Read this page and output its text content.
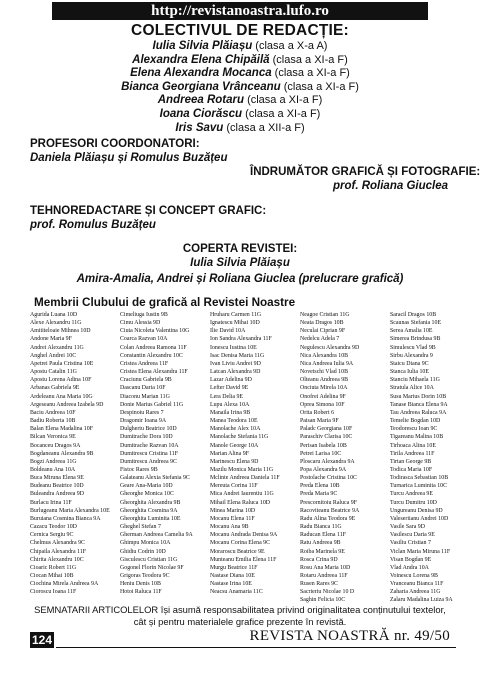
http://revistanoastra.lufo.ro
COLECTIVUL DE REDACȚIE:
Iulia Silvia Plăiașu (clasa a X-a A)
Alexandra Elena Chipăilă (clasa a XI-a F)
Elena Alexandra Mocanca (clasa a XI-a F)
Bianca Georgiana Vrânceanu (clasa a XI-a F)
Andreea Rotaru (clasa a XI-a F)
Ioana Ciorăscu (clasa a XI-a F)
Iris Savu (clasa a XII-a F)
PROFESORI COORDONATORI:
Daniela Plăiașu și Romulus Buzățeu
ÎNDRUMĂTOR GRAFICĂ ȘI FOTOGRAFIE:
prof. Roliana Giuclea
TEHNOREDACTARE ȘI CONCEPT GRAFIC:
prof. Romulus Buzățeu
COPERTA REVISTEI:
Iulia Silvia Plăiașu
Amira-Amalia, Andrei și Roliana Giuclea (prelucrare grafică)
Membrii Clubului de grafică al Revistei Noastre
Agurida Luana 10D
Alexe Alexandru 11G
Amititeloaie Mihnea 10D
Andone Maria 9F
Andrei Alexandru 11G
Anghel Andrei 10C
Apetrei Paula Cristina 10E
Apostu Catalin 11G
Apostu Lorena Adina 10F
Arbanas Gabriela 9E
Ardeleanu Ana Maria 10G
Argeseanu Andreea Izabela 9D
Baciu Andreea 10F
Badiu Roberta 10B
Balan Elena Madalina 10F
Bilcan Veronica 9E
Bocanceu Dragos 9A
Bogdaneanu Alexandra 9B
Bogzi Andreea 11G
Boldeanu Ana 10A
Buca Miruna Elena 9E
Budeanu Beatrice 10D
Buleandra Andreea 9D
Burlacu Irina 11F
Burlugeanu Maria Alexandra 10E
Buruiana Cosmina Bianca 9A
Cazacu Teodor 10D
Cernica Sergiu 9C
Chelmus Alexandra 9C
Chipaila Alexandra 11F
Chirita Alexandru 10C
Cioaric Robert 11G
Ciocan Mihai 10B
Ciochina Mirela Andreea 9A
Cioroscu Ioana 11F
Cimeliuga Iustin 9B
Cimu Alessia 9D
Ciuta Nicoleta Valentina 10G
Coarca Razvan 10A
Colan Andreea Ramona 11F
Constantin Alexandru 10C
Cristea Andreea 11F
Cristea Elena Alexandra 11F
Craciunu Gabriela 9B
Dascanu Daria 10F
Diaconu Marian 11G
Donie Marius Gabriel 11G
Despinoiu Rares 7
Dragomir Ioana 9A
Dulgheriu Beatrice 10D
Dumitrache Dora 10D
Dumitrache Razvan 10A
Dumitrescu Cristina 11F
Dumitrescu Andreea 9C
Fistoc Rares 9B
Galateanu Alexia Stefania 9C
Geare Ana-Maria 10D
Gheorghe Monica 10C
Gheorghita Alexandra 9B
Gheorghita Cosmina 9A
Gheorghita Luminita 10E
Gheghel Stefan 7
Gherman Andreea Camelia 9A
Ghimpu Monica 10A
Ghidiu Codrin 10D
Gisculescu Cristian 11G
Gogonel Florin Nicolae 9F
Grigoras Teodora 9C
Heniu Denis 10B
Hotoi Raluca 11F
Hruharu Carmen 11G
Ignatescu Mihai 10D
Ilie David 10A
Ion Sandra Alexandra 11F
Ionescu Iustina 10E
Isac Denisa Maria 11G
Ivan Liviu Andrei 9D
Latcan Alexandra 9D
Lazar Adelina 9D
Lefter David 9E
Lera Delia 9E
Lupu Alexa 10A
Manaila Irina 9B
Manea Teodora 10E
Manolache Alex 10A
Manolache Stefania 11G
Manole George 10A
Marian Alina 9F
Marinescu Elena 9D
Mazilu Monica Maria 11G
Mclinte Andreea Daniela 11F
Mereuta Corina 11F
Mica Andrei Iaurentiu 11G
Mihail Elena Raluca 10D
Minea Marina 10D
Mocanu Elena 11F
Mocanu Ana 9B
Mocanu Andrada Denisa 9A
Mocanu Corina Elena 9C
Moraroscu Beatrice 9E
Munteanu Emilia Elena 11F
Murgu Beatrice 11F
Nastase Diana 10E
Nastase Irina 10E
Neacsu Anamaria 11C
Neagoe Cristian 11G
Neata Dragos 10B
Neculai Ciprian 9F
Nedelcu Adela 7
Negulescu Alexandra 9D
Nica Alexandra 10B
Nica Andreea Iulia 9A
Novetschi Vlad 10B
Olteanu Andreea 9B
Onciuta Mirela 10A
Onofrei Adelina 9F
Oprea Simona 10F
Orita Robert 6
Paisan Maria 9F
Paladc Georgiana 10F
Paraschiv Clarisa 10C
Perisan Isabela 10B
Petrei Larisa 10C
Ploscaru Alexandra 9A
Popa Alexandra 9A
Postolache Cristina 10C
Preda Elena 10B
Preda Maria 9C
Prescornitoiu Raluca 9F
Racoviteanu Beatrice 9A
Radu Alina Teodora 9E
Radu Bianca 11G
Raducan Elena 11F
Ratu Andreea 9B
Roiba Marinela 9E
Rosca Crina 9D
Rosu Ana Maria 10D
Rotaru Andreea 11F
Rusen Rares 9C
Sacrieriu Nicolae 10 D
Saghin Felicia 10C
Saracil Dragos 10B
Scaunas Stefania 10E
Serea Amalia 10E
Simerea Brindusa 9B
Simulescu Vlad 9B
Sirbu Alexandra 9
Staicu Diana 9C
Stanca Iulia 10E
Stanciu Mihaela 11G
Stratula Alice 10A
Susu Marius Dorin 10B
Tanase Bianca Elena 9A
Tau Andreea Raluca 9A
Temelie Bogdan 10D
Teodorescu Ioan 9C
Tigareanu Malina 10B
Tirhoaca Alina 10E
Tirila Andreea 11F
Tirtan George 9B
Todica Maria 10F
Todirasca Sebastian 10B
Turnarica Luminita 10C
Turcu Andreea 9E
Turcu Dumitru 10D
Ungureanu Denisa 9D
Valeseriianu Andrei 10D
Vasile Sara 9D
Vasilescu Daria 9E
Vasiliu Cristian 7
Viclan Maria Miruna 11F
Visan Bogdan 9E
Vlad Andra 10A
Voinescu Lorena 9B
Vranceanu Bianca 11F
Zaharia Andreea 11G
Zalaru Madalina Luiza 9A
SEMNATARII ARTICOLELOR își asumă responsabilitatea privind originalitatea conținutului textelor, cât și pentru materialele grafice prezente în revistă.
124	REVISTA NOASTRĂ nr. 49/50
